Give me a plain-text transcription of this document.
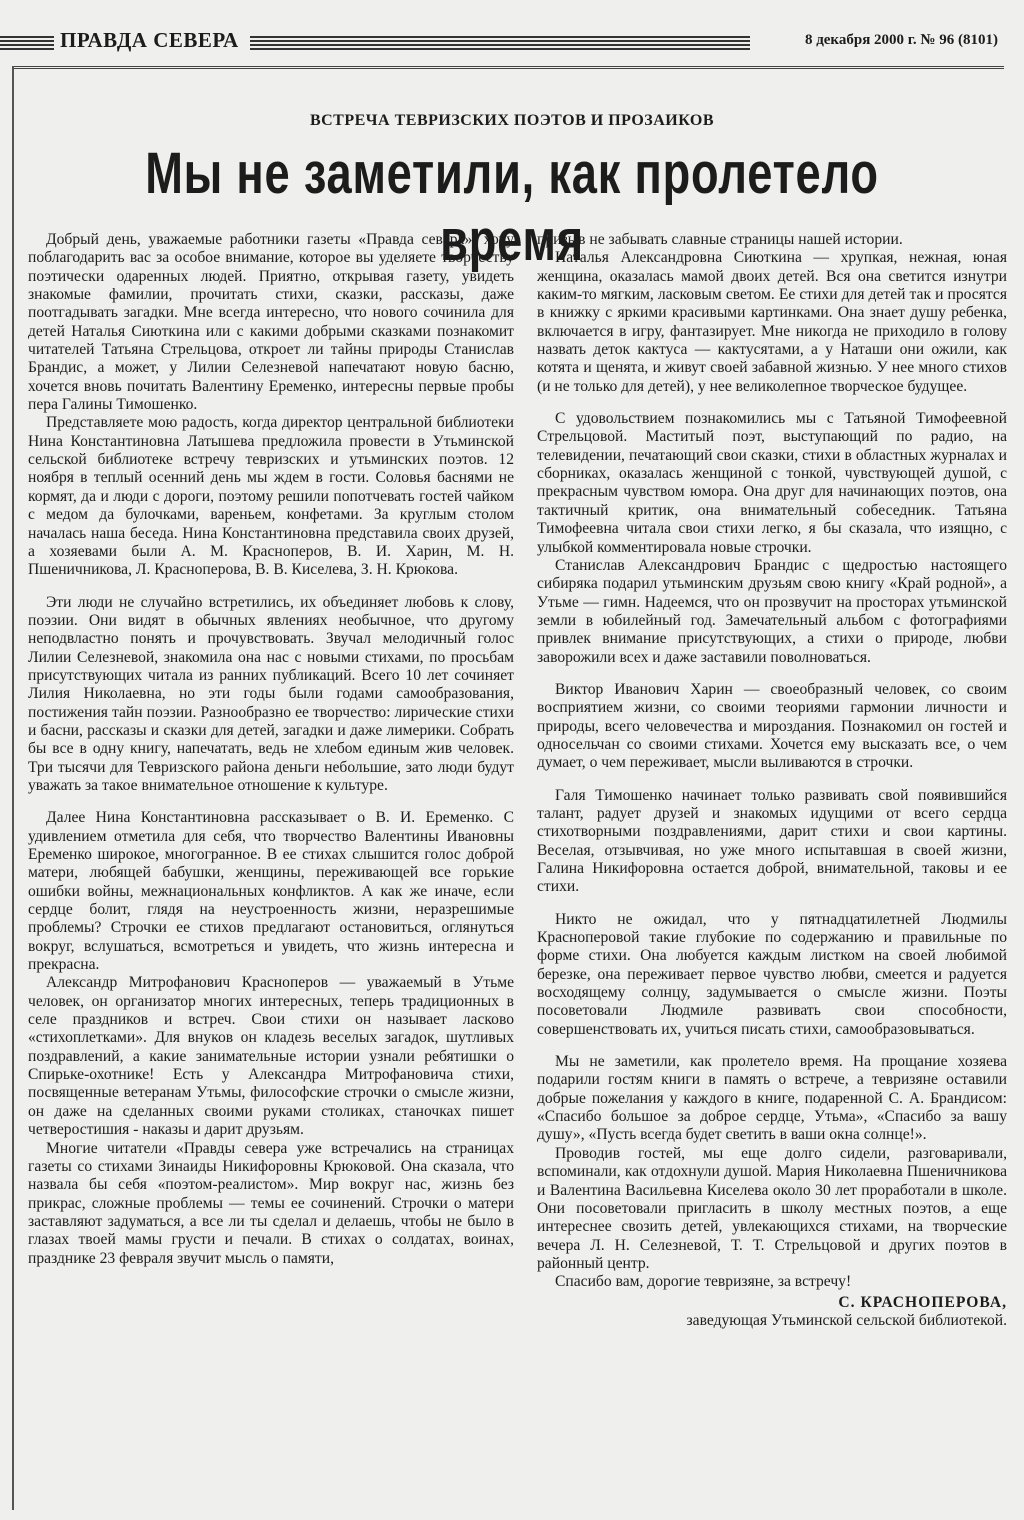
ПРАВДА СЕВЕРА	8 декабря 2000 г. № 96 (8101)
ВСТРЕЧА ТЕВРИЗСКИХ ПОЭТОВ И ПРОЗАИКОВ
Мы не заметили, как пролетело время

Добрый день, уважаемые работники газеты «Правда севера», хочу поблагодарить вас за особое внимание, которое вы уделяете творчеству поэтически одаренных людей. Приятно, открывая газету, увидеть знакомые фамилии, прочитать стихи, сказки, рассказы, даже поотгадывать загадки. Мне всегда интересно, что нового сочинила для детей Наталья Сиюткина или с какими добрыми сказками познакомит читателей Татьяна Стрельцова, откроет ли тайны природы Станислав Брандис, а может, у Лилии Селезневой напечатают новую басню, хочется вновь почитать Валентину Еременко, интересны первые пробы пера Галины Тимошенко.

Представляете мою радость, когда директор центральной библиотеки Нина Константиновна Латышева предложила провести в Утьминской сельской библиотеке встречу тевризских и утьминских поэтов. 12 ноября в теплый осенний день мы ждем в гости. Соловья баснями не кормят, да и люди с дороги, поэтому решили попотчевать гостей чайком с медом да булочками, вареньем, конфетами. За круглым столом началась наша беседа. Нина Константиновна представила своих друзей, а хозяевами были А. М. Красноперов, В. И. Харин, М. Н. Пшеничникова, Л. Красноперова, В. В. Киселева, З. Н. Крюкова.

Эти люди не случайно встретились, их объединяет любовь к слову, поэзии. Они видят в обычных явлениях необычное, что другому неподвластно понять и прочувствовать. Звучал мелодичный голос Лилии Селезневой, знакомила она нас с новыми стихами, по просьбам присутствующих читала из ранних публикаций. Всего 10 лет сочиняет Лилия Николаевна, но эти годы были годами самообразования, постижения тайн поэзии. Разнообразно ее творчество: лирические стихи и басни, рассказы и сказки для детей, загадки и даже лимерики. Собрать бы все в одну книгу, напечатать, ведь не хлебом единым жив человек. Три тысячи для Тевризского района деньги небольшие, зато люди будут уважать за такое внимательное отношение к культуре.

Далее Нина Константиновна рассказывает о В. И. Еременко. С удивлением отметила для себя, что творчество Валентины Ивановны Еременко широкое, многогранное. В ее стихах слышится голос доброй матери, любящей бабушки, женщины, переживающей все горькие ошибки войны, межнациональных конфликтов. А как же иначе, если сердце болит, глядя на неустроенность жизни, неразрешимые проблемы? Строчки ее стихов предлагают остановиться, оглянуться вокруг, вслушаться, всмотреться и увидеть, что жизнь интересна и прекрасна.

Александр Митрофанович Красноперов — уважаемый в Утьме человек, он организатор многих интересных, теперь традиционных в селе праздников и встреч. Свои стихи он называет ласково «стихоплетками». Для внуков он кладезь веселых загадок, шутливых поздравлений, а какие занимательные истории узнали ребятишки о Спирьке-охотнике! Есть у Александра Митрофановича стихи, посвященные ветеранам Утьмы, философские строчки о смысле жизни, он даже на сделанных своими руками столиках, станочках пишет четверостишия - наказы и дарит друзьям.

Многие читатели «Правды севера уже встречались на страницах газеты со стихами Зинаиды Никифоровны Крюковой. Она сказала, что назвала бы себя «поэтом-реалистом». Мир вокруг нас, жизнь без прикрас, сложные проблемы — темы ее сочинений. Строчки о матери заставляют задуматься, а все ли ты сделал и делаешь, чтобы не было в глазах твоей мамы грусти и печали. В стихах о солдатах, воинах, празднике 23 февраля звучит мысль о памяти,

призыв не забывать славные страницы нашей истории.

Наталья Александровна Сиюткина — хрупкая, нежная, юная женщина, оказалась мамой двоих детей. Вся она светится изнутри каким-то мягким, ласковым светом. Ее стихи для детей так и просятся в книжку с яркими красивыми картинками. Она знает душу ребенка, включается в игру, фантазирует. Мне никогда не приходило в голову назвать деток кактуса — кактусятами, а у Наташи они ожили, как котята и щенята, и живут своей забавной жизнью. У нее много стихов (и не только для детей), у нее великолепное творческое будущее.

С удовольствием познакомились мы с Татьяной Тимофеевной Стрельцовой. Маститый поэт, выступающий по радио, на телевидении, печатающий свои сказки, стихи в областных журналах и сборниках, оказалась женщиной с тонкой, чувствующей душой, с прекрасным чувством юмора. Она друг для начинающих поэтов, она тактичный критик, она внимательный собеседник. Татьяна Тимофеевна читала свои стихи легко, я бы сказала, что изящно, с улыбкой комментировала новые строчки.

Станислав Александрович Брандис с щедростью настоящего сибиряка подарил утьминским друзьям свою книгу «Край родной», а Утьме — гимн. Надеемся, что он прозвучит на просторах утьминской земли в юбилейный год. Замечательный альбом с фотографиями привлек внимание присутствующих, а стихи о природе, любви заворожили всех и даже заставили поволноваться.

Виктор Иванович Харин — своеобразный человек, со своим восприятием жизни, со своими теориями гармонии личности и природы, всего человечества и мироздания. Познакомил он гостей и односельчан со своими стихами. Хочется ему высказать все, о чем думает, о чем переживает, мысли выливаются в строчки.

Галя Тимошенко начинает только развивать свой появившийся талант, радует друзей и знакомых идущими от всего сердца стихотворными поздравлениями, дарит стихи и свои картины. Веселая, отзывчивая, но уже много испытавшая в своей жизни, Галина Никифоровна остается доброй, внимательной, таковы и ее стихи.

Никто не ожидал, что у пятнадцатилетней Людмилы Красноперовой такие глубокие по содержанию и правильные по форме стихи. Она любуется каждым листком на своей любимой березке, она переживает первое чувство любви, смеется и радуется восходящему солнцу, задумывается о смысле жизни. Поэты посоветовали Людмиле развивать свои способности, совершенствовать их, учиться писать стихи, самообразовываться.

Мы не заметили, как пролетело время. На прощание хозяева подарили гостям книги в память о встрече, а тевризяне оставили добрые пожелания у каждого в книге, подаренной С. А. Брандисом: «Спасибо большое за доброе сердце, Утьма», «Спасибо за вашу душу», «Пусть всегда будет светить в ваши окна солнце!».

Проводив гостей, мы еще долго сидели, разговаривали, вспоминали, как отдохнули душой. Мария Николаевна Пшеничникова и Валентина Васильевна Киселева около 30 лет проработали в школе. Они посоветовали пригласить в школу местных поэтов, а еще интереснее свозить детей, увлекающихся стихами, на творческие вечера Л. Н. Селезневой, Т. Т. Стрельцовой и других поэтов в районный центр.

Спасибо вам, дорогие тевризяне, за встречу!

С. КРАСНОПЕРОВА,
заведующая Утьминской сельской библиотекой.
